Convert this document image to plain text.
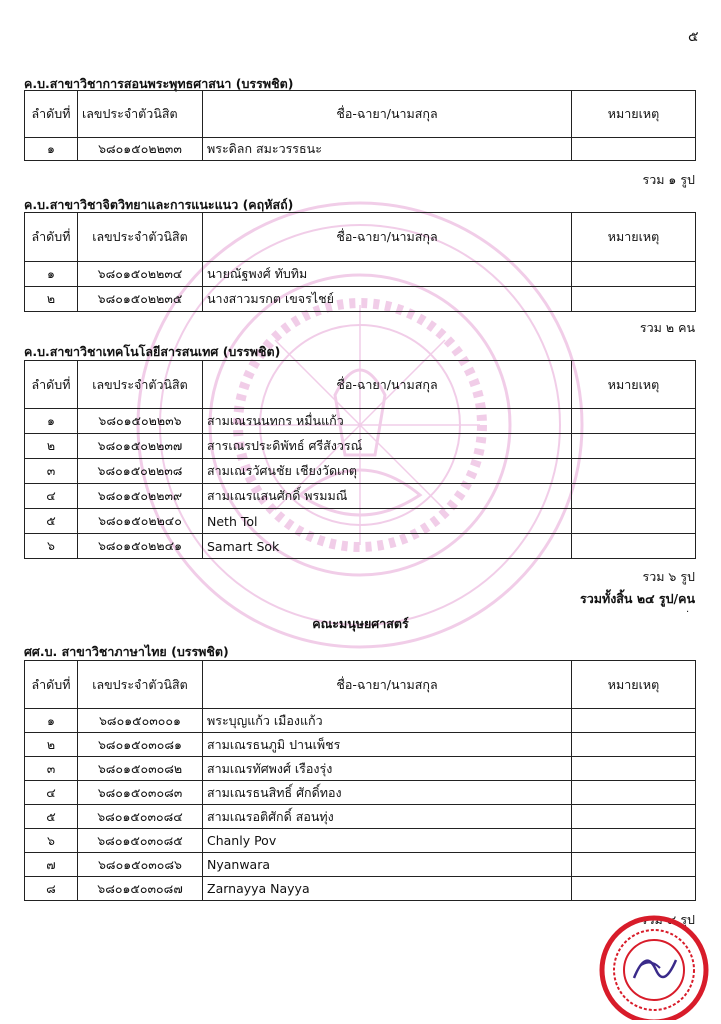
๕
ค.บ.สาขาวิชาการสอนพระพุทธศาสนา (บรรพชิต)
ลำดับที่	เลขประจำตัวนิสิต	ชื่อ-ฉายา/นามสกุล	หมายเหตุ
๑	๖๘๐๑๕๐๒๒๓๓	พระดิลก สมะวรรธนะ	
รวม ๑ รูป
ค.บ.สาขาวิชาจิตวิทยาและการแนะแนว (คฤหัสถ์)
ลำดับที่	เลขประจำตัวนิสิต	ชื่อ-ฉายา/นามสกุล	หมายเหตุ
๑	๖๘๐๑๕๐๒๒๓๔	นายณัฐพงศ์ ทับทิม	
๒	๖๘๐๑๕๐๒๒๓๕	นางสาวมรกต เขจรไชย์	
รวม ๒ คน
ค.บ.สาขาวิชาเทคโนโลยีสารสนเทศ (บรรพชิต)
ลำดับที่	เลขประจำตัวนิสิต	ชื่อ-ฉายา/นามสกุล	หมายเหตุ
๑	๖๘๐๑๕๐๒๒๓๖	สามเณรนนทกร หมื่นแก้ว	
๒	๖๘๐๑๕๐๒๒๓๗	สารเณรประดิพัทธ์ ศรีสังวรณ์	
๓	๖๘๐๑๕๐๒๒๓๘	สามเณรวัศนชัย เชียงวัดเกตุ	
๔	๖๘๐๑๕๐๒๒๓๙	สามเณรแสนศักดิ์ พรมมณี	
๕	๖๘๐๑๕๐๒๒๔๐	Neth Tol	
๖	๖๘๐๑๕๐๒๒๔๑	Samart Sok	
รวม ๖ รูป
รวมทั้งสิ้น ๒๔ รูป/คน
.
คณะมนุษยศาสตร์
ศศ.บ. สาขาวิชาภาษาไทย (บรรพชิต)
ลำดับที่	เลขประจำตัวนิสิต	ชื่อ-ฉายา/นามสกุล	หมายเหตุ
๑	๖๘๐๑๕๐๓๐๐๑	พระบุญแก้ว เมืองแก้ว	
๒	๖๘๐๑๕๐๓๐๘๑	สามเณรธนภูมิ ปานเพ็ชร	
๓	๖๘๐๑๕๐๓๐๘๒	สามเณรทัศพงศ์ เรืองรุ่ง	
๔	๖๘๐๑๕๐๓๐๘๓	สามเณรธนสิทธิ์ ศักดิ์ทอง	
๕	๖๘๐๑๕๐๓๐๘๔	สามเณรอติศักดิ์ สอนทุ่ง	
๖	๖๘๐๑๕๐๓๐๘๕	Chanly Pov	
๗	๖๘๐๑๕๐๓๐๘๖	Nyanwara	
๘	๖๘๐๑๕๐๓๐๘๗	Zarnayya Nayya	
รวม ๘ รูป
